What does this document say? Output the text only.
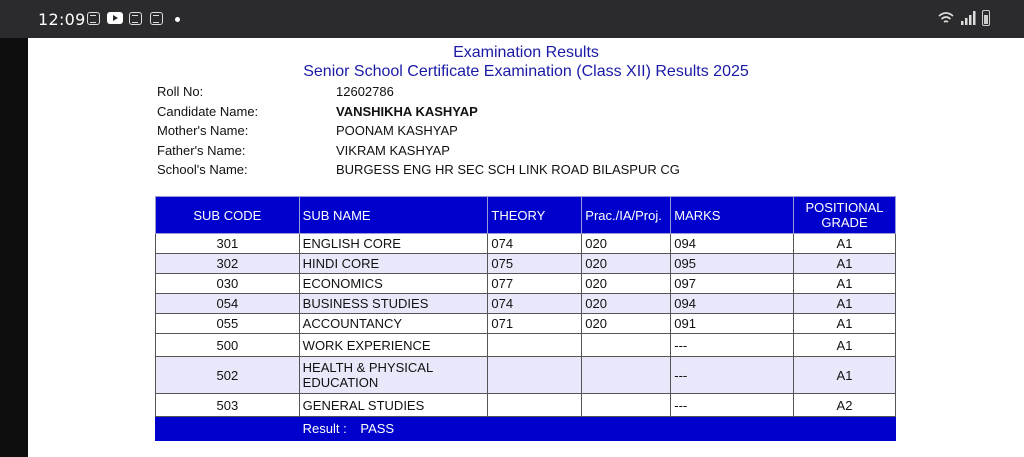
12:09
Examination Results
Senior School Certificate Examination (Class XII) Results 2025
Roll No:	12602786
Candidate Name:	VANSHIKHA KASHYAP
Mother's Name:	POONAM KASHYAP
Father's Name:	VIKRAM KASHYAP
School's Name:	BURGESS ENG HR SEC SCH LINK ROAD BILASPUR CG
SUB CODE	SUB NAME	THEORY	Prac./IA/Proj.	MARKS	POSITIONAL GRADE
301	ENGLISH CORE	074	020	094	A1
302	HINDI CORE	075	020	095	A1
030	ECONOMICS	077	020	097	A1
054	BUSINESS STUDIES	074	020	094	A1
055	ACCOUNTANCY	071	020	091	A1
500	WORK EXPERIENCE			---	A1
502	HEALTH & PHYSICAL EDUCATION			---	A1
503	GENERAL STUDIES			---	A2
	Result : PASS				
